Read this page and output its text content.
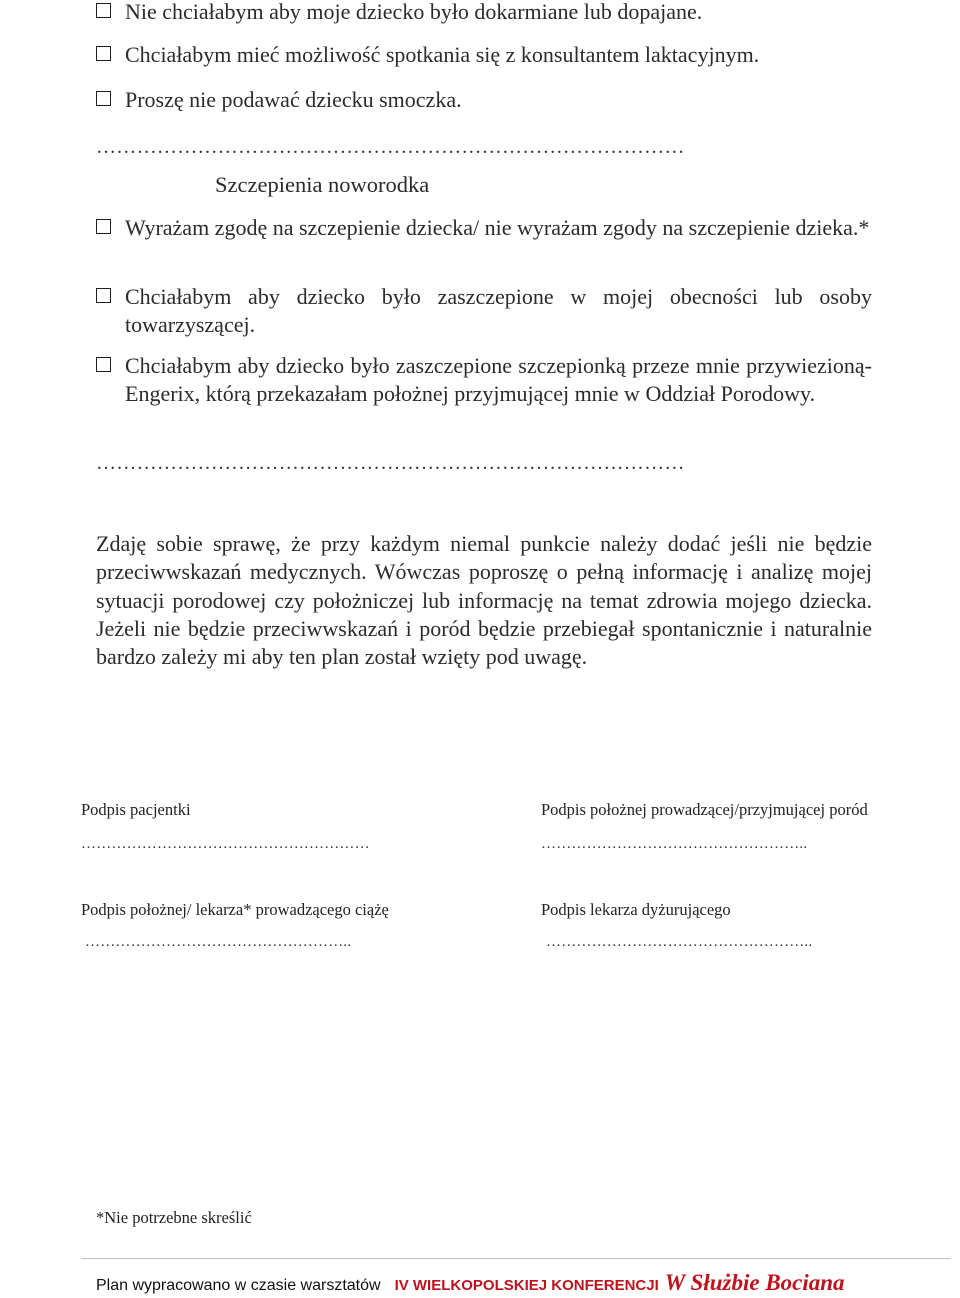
Nie chciałabym aby moje dziecko było dokarmiane lub dopajane.
Chciałabym mieć możliwość spotkania się z konsultantem laktacyjnym.
Proszę nie podawać dziecku smoczka.
……………………………………………………………………………
Szczepienia noworodka
Wyrażam zgodę na szczepienie dziecka/ nie wyrażam zgody na szczepienie dzieka.*
Chciałabym aby dziecko było zaszczepione w mojej obecności lub osoby towarzyszącej.
Chciałabym aby dziecko było zaszczepione szczepionką przeze mnie przywiezioną- Engerix, którą przekazałam położnej przyjmującej mnie w Oddział Porodowy.
……………………………………………………………………………
Zdaję sobie sprawę, że przy każdym niemal punkcie należy dodać jeśli nie będzie przeciwwskazań medycznych. Wówczas poproszę o pełną informację i analizę mojej sytuacji porodowej czy położniczej lub informację na temat zdrowia mojego dziecka. Jeżeli nie będzie przeciwwskazań i poród będzie przebiegał spontanicznie i naturalnie bardzo zależy mi aby ten plan został wzięty pod uwagę.
Podpis pacjentki
…………………………………………………
Podpis położnej prowadzącej/przyjmującej poród
……………………………………………..
Podpis położnej/ lekarza* prowadzącego ciążę
……………………………………………..
Podpis lekarza dyżurującego
……………………………………………..
*Nie potrzebne skreślić
Plan wypracowano w czasie warsztatów IV WIELKOPOLSKIEJ KONFERENCJI W Służbie Bociana
